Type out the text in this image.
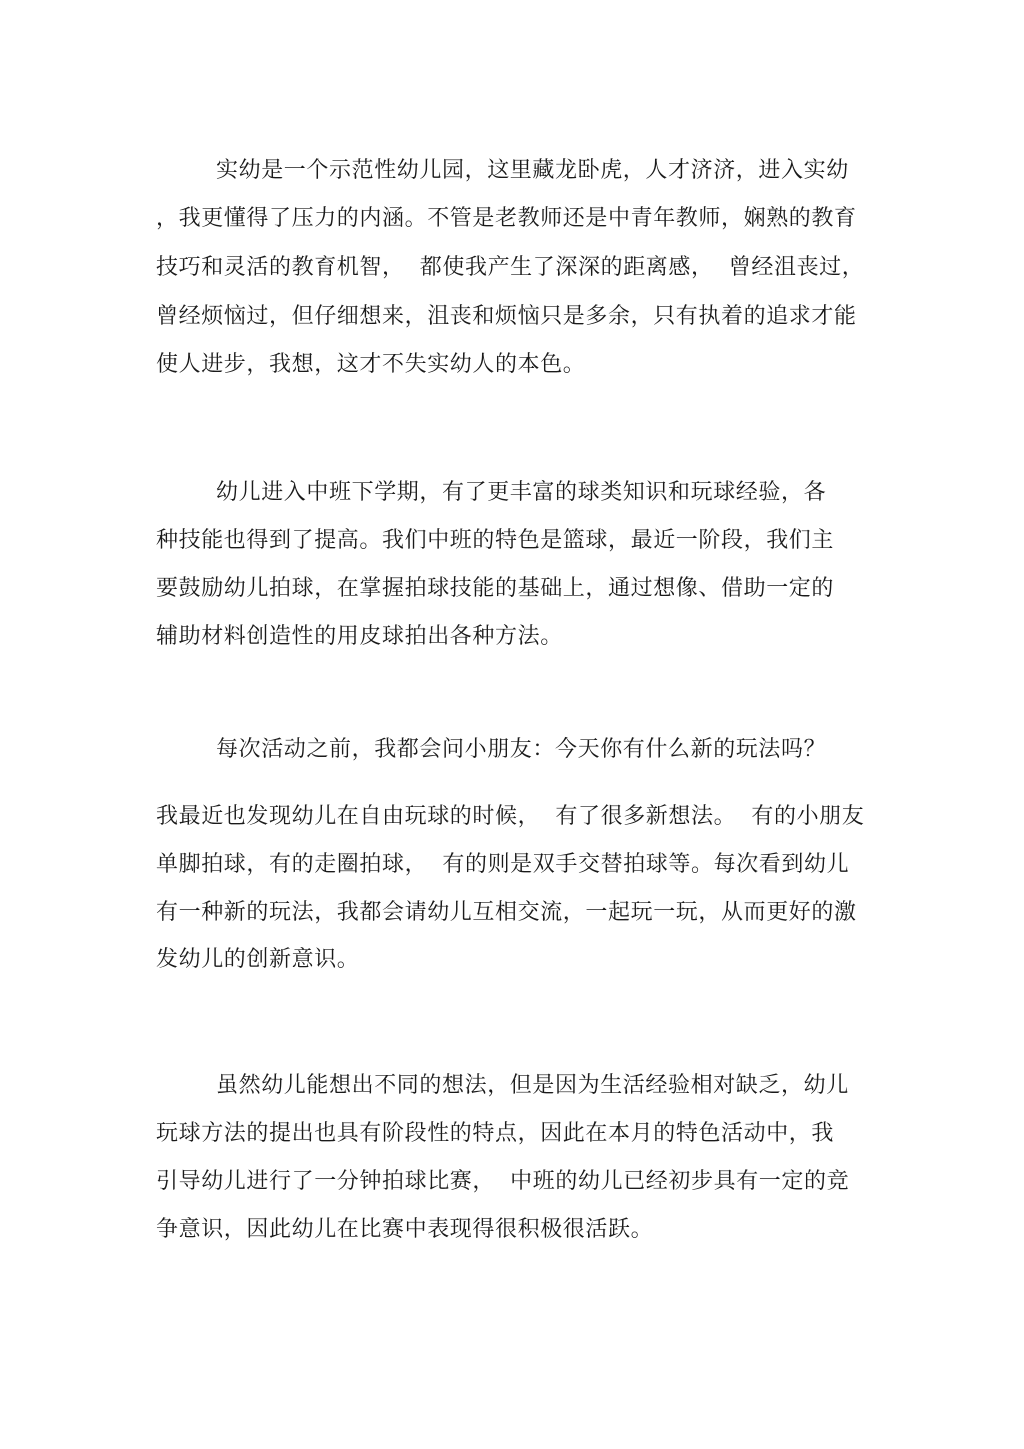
实幼是一个示范性幼儿园，这里藏龙卧虎，人才济济，进入实幼
，我更懂得了压力的内涵。不管是老教师还是中青年教师，娴熟的教育
技巧和灵活的教育机智，  都使我产生了深深的距离感，  曾经沮丧过，
曾经烦恼过，但仔细想来，沮丧和烦恼只是多余，只有执着的追求才能
使人进步，我想，这才不失实幼人的本色。
幼儿进入中班下学期，有了更丰富的球类知识和玩球经验，各
种技能也得到了提高。我们中班的特色是篮球，最近一阶段，我们主
要鼓励幼儿拍球，在掌握拍球技能的基础上，通过想像、借助一定的
辅助材料创造性的用皮球拍出各种方法。
每次活动之前，我都会问小朋友：今天你有什么新的玩法吗？
我最近也发现幼儿在自由玩球的时候，  有了很多新想法。  有的小朋友
单脚拍球，有的走圈拍球，  有的则是双手交替拍球等。每次看到幼儿
有一种新的玩法，我都会请幼儿互相交流，一起玩一玩，从而更好的激
发幼儿的创新意识。
虽然幼儿能想出不同的想法，但是因为生活经验相对缺乏，幼儿
玩球方法的提出也具有阶段性的特点，因此在本月的特色活动中，我
引导幼儿进行了一分钟拍球比赛，  中班的幼儿已经初步具有一定的竞
争意识，因此幼儿在比赛中表现得很积极很活跃。
